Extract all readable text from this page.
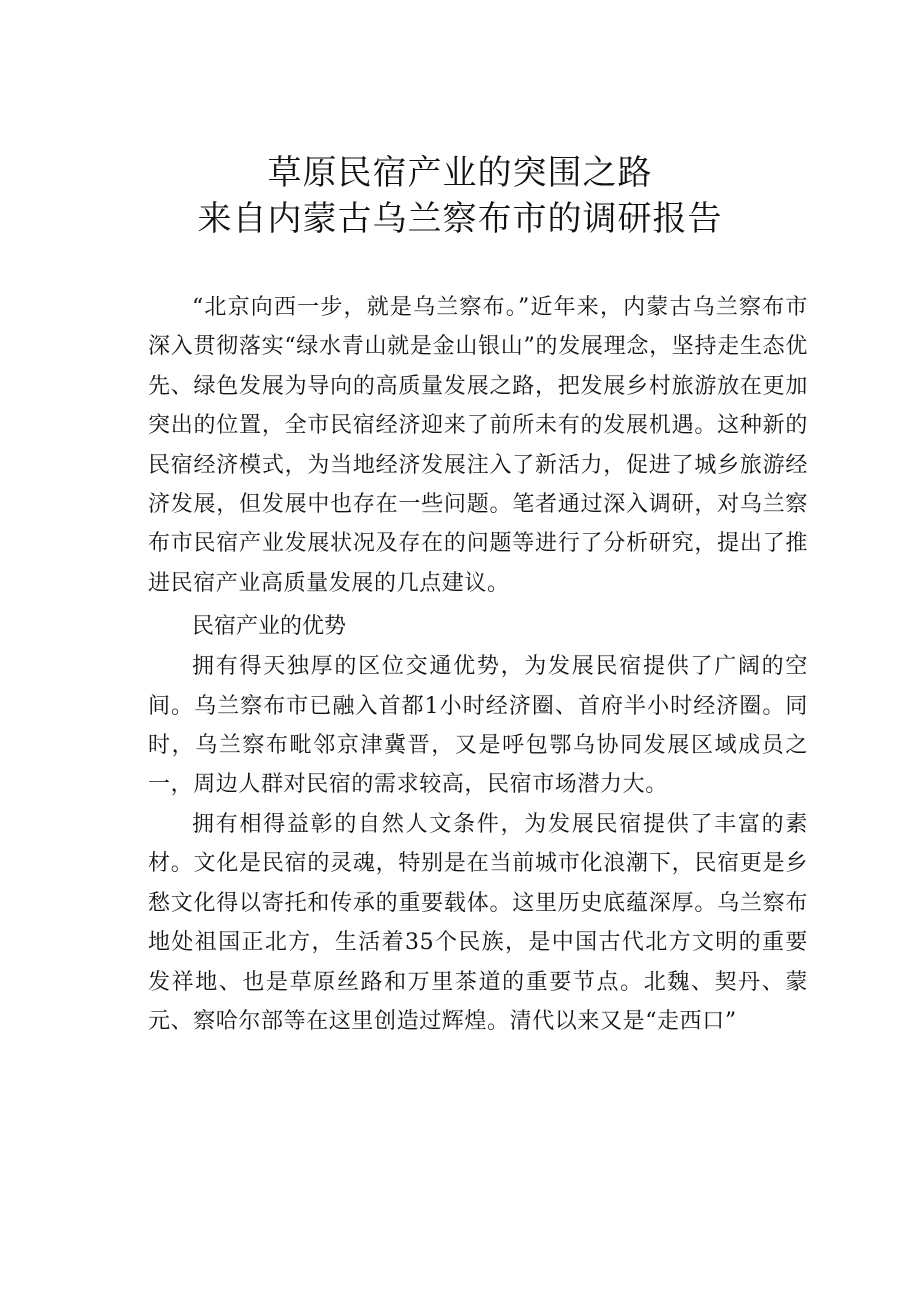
草原民宿产业的突围之路
来自内蒙古乌兰察布市的调研报告

“北京向西一步，就是乌兰察布。”近年来，内蒙古乌兰察布市深入贯彻落实“绿水青山就是金山银山”的发展理念，坚持走生态优先、绿色发展为导向的高质量发展之路，把发展乡村旅游放在更加突出的位置，全市民宿经济迎来了前所未有的发展机遇。这种新的民宿经济模式，为当地经济发展注入了新活力，促进了城乡旅游经济发展，但发展中也存在一些问题。笔者通过深入调研，对乌兰察布市民宿产业发展状况及存在的问题等进行了分析研究，提出了推进民宿产业高质量发展的几点建议。

民宿产业的优势

拥有得天独厚的区位交通优势，为发展民宿提供了广阔的空间。乌兰察布市已融入首都1小时经济圈、首府半小时经济圈。同时，乌兰察布毗邻京津冀晋，又是呼包鄂乌协同发展区域成员之一，周边人群对民宿的需求较高，民宿市场潜力大。

拥有相得益彰的自然人文条件，为发展民宿提供了丰富的素材。文化是民宿的灵魂，特别是在当前城市化浪潮下，民宿更是乡愁文化得以寄托和传承的重要载体。这里历史底蕴深厚。乌兰察布地处祖国正北方，生活着35个民族，是中国古代北方文明的重要发祥地、也是草原丝路和万里茶道的重要节点。北魏、契丹、蒙元、察哈尔部等在这里创造过辉煌。清代以来又是“走西口”
